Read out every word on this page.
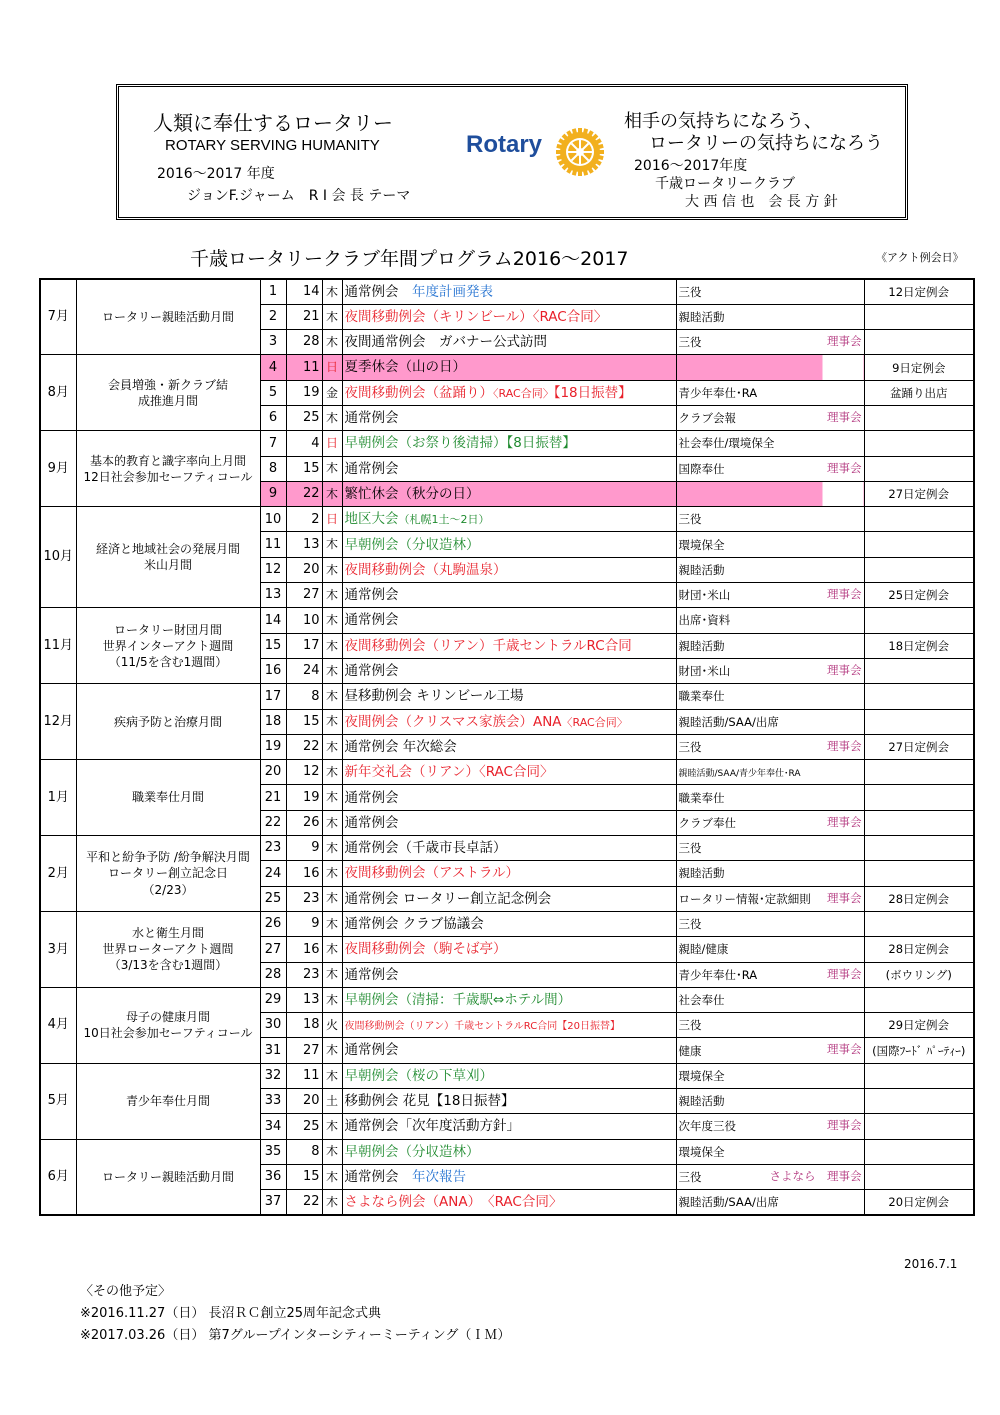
人類に奉仕するロータリー
ROTARY SERVING HUMANITY	Rotary
2016～2017 年度
ジョンF.ジャーム　R I 会 長 テーマ
相手の気持ちになろう、
ロータリーの気持ちになろう
2016～2017年度
千歳ロータリークラブ
大 西 信 也　会 長 方 針
千歳ロータリークラブ年間プログラム2016～2017	《アクト例会日》
7月	ロータリー親睦活動月間	1	14	木	通常例会　年度計画発表	三役	12日定例会
		2	21	木	夜間移動例会（キリンビール）〈RAC合同〉	親睦活動	
		3	28	木	夜間通常例会　ガバナー公式訪問	三役 理事会	

8月	会員増強・新クラブ結
成推進月間	4	11	日	夏季休会（山の日）		9日定例会
		5	19	金	夜間移動例会（盆踊り）〈RAC合同〉【18日振替】	青少年奉仕･RA	盆踊り出店
		6	25	木	通常例会	クラブ会報 理事会	

9月	基本的教育と識字率向上月間
12日社会参加セーフティコール	7	4	日	早朝例会（お祭り後清掃）【8日振替】	社会奉仕/環境保全	
		8	15	木	通常例会	国際奉仕 理事会	

		9	22	木	繁忙休会（秋分の日）		27日定例会
10月	経済と地域社会の発展月間
米山月間	10	2	日	地区大会（札幌1土～2日）	三役	
		11	13	木	早朝例会（分収造林）	環境保全	
		12	20	木	夜間移動例会（丸駒温泉）	親睦活動	
		13	27	木	通常例会	財団･米山 理事会	25日定例会
11月	ロータリー財団月間
世界インターアクト週間
（11/5を含む1週間）	14	10	木	通常例会	出席･資料	
		15	17	木	夜間移動例会（リアン）千歳セントラルRC合同	親睦活動	18日定例会
		16	24	木	通常例会	財団･米山 理事会	

12月	疾病予防と治療月間	17	8	木	昼移動例会 キリンビール工場	職業奉仕	
		18	15	木	夜間例会（クリスマス家族会）ANA〈RAC合同〉	親睦活動/SAA/出席	
		19	22	木	通常例会 年次総会	三役 理事会	27日定例会
1月	職業奉仕月間	20	12	木	新年交礼会（リアン）〈RAC合同〉	親睦活動/SAA/青少年奉仕･RA	
		21	19	木	通常例会	職業奉仕	
		22	26	木	通常例会	クラブ奉仕 理事会	

2月	平和と紛争予防 /紛争解決月間
ロータリー創立記念日
（2/23）	23	9	木	通常例会（千歳市長卓話）	三役	
		24	16	木	夜間移動例会（アストラル）	親睦活動	
		25	23	木	通常例会 ロータリー創立記念例会	ロータリー情報･定款細則 理事会	28日定例会
3月	水と衛生月間
世界ローターアクト週間
（3/13を含む1週間）	26	9	木	通常例会 クラブ協議会	三役	
		27	16	木	夜間移動例会（駒そば亭）	親睦/健康	28日定例会
		28	23	木	通常例会	青少年奉仕･RA 理事会	(ボウリング)
4月	母子の健康月間
10日社会参加セーフティコール	29	13	木	早朝例会（清掃：千歳駅⇔ホテル間）	社会奉仕	
		30	18	火	夜間移動例会（リアン）千歳セントラルRC合同【20日振替】	三役	29日定例会
		31	27	木	通常例会	健康 理事会	(国際ﾌｰﾄﾞ ﾊﾟｰﾃｨｰ)
5月	青少年奉仕月間	32	11	木	早朝例会（桜の下草刈）	環境保全	
		33	20	土	移動例会 花見【18日振替】	親睦活動	
		34	25	木	通常例会「次年度活動方針」	次年度三役 理事会	

6月	ロータリー親睦活動月間	35	8	木	早朝例会（分収造林）	環境保全	
		36	15	木	通常例会　年次報告	三役 さよなら　理事会	

		37	22	木	さよなら例会（ANA）　〈RAC合同〉	親睦活動/SAA/出席	20日定例会
2016.7.1
〈その他予定〉
※2016.11.27（日） 長沼ＲＣ創立25周年記念式典
※2017.03.26（日） 第7グループインターシティーミーティング（ＩＭ）
